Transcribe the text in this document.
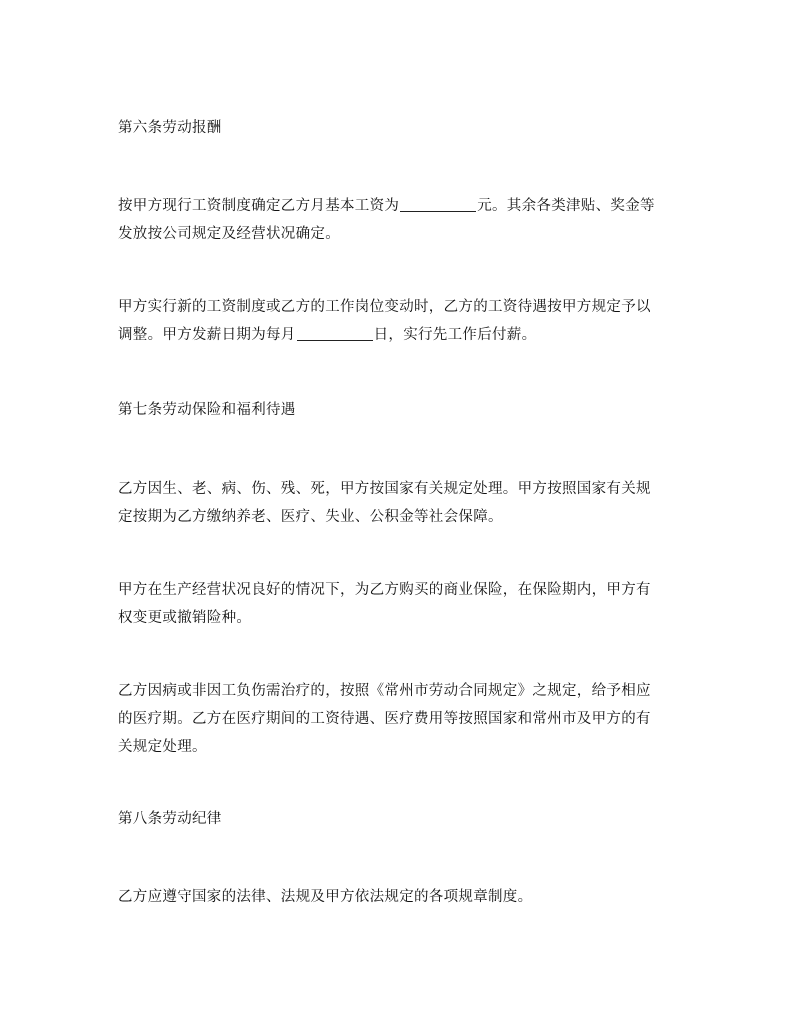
第六条劳动报酬

按甲方现行工资制度确定乙方月基本工资为	元。其余各类津贴、奖金等
发放按公司规定及经营状况确定。

甲方实行新的工资制度或乙方的工作岗位变动时，乙方的工资待遇按甲方规定予以
调整。甲方发薪日期为每月	日，实行先工作后付薪。

第七条劳动保险和福利待遇

乙方因生、老、病、伤、残、死，甲方按国家有关规定处理。甲方按照国家有关规
定按期为乙方缴纳养老、医疗、失业、公积金等社会保障。

甲方在生产经营状况良好的情况下，为乙方购买的商业保险，在保险期内，甲方有
权变更或撤销险种。

乙方因病或非因工负伤需治疗的，按照《常州市劳动合同规定》之规定，给予相应
的医疗期。乙方在医疗期间的工资待遇、医疗费用等按照国家和常州市及甲方的有
关规定处理。

第八条劳动纪律

乙方应遵守国家的法律、法规及甲方依法规定的各项规章制度。
